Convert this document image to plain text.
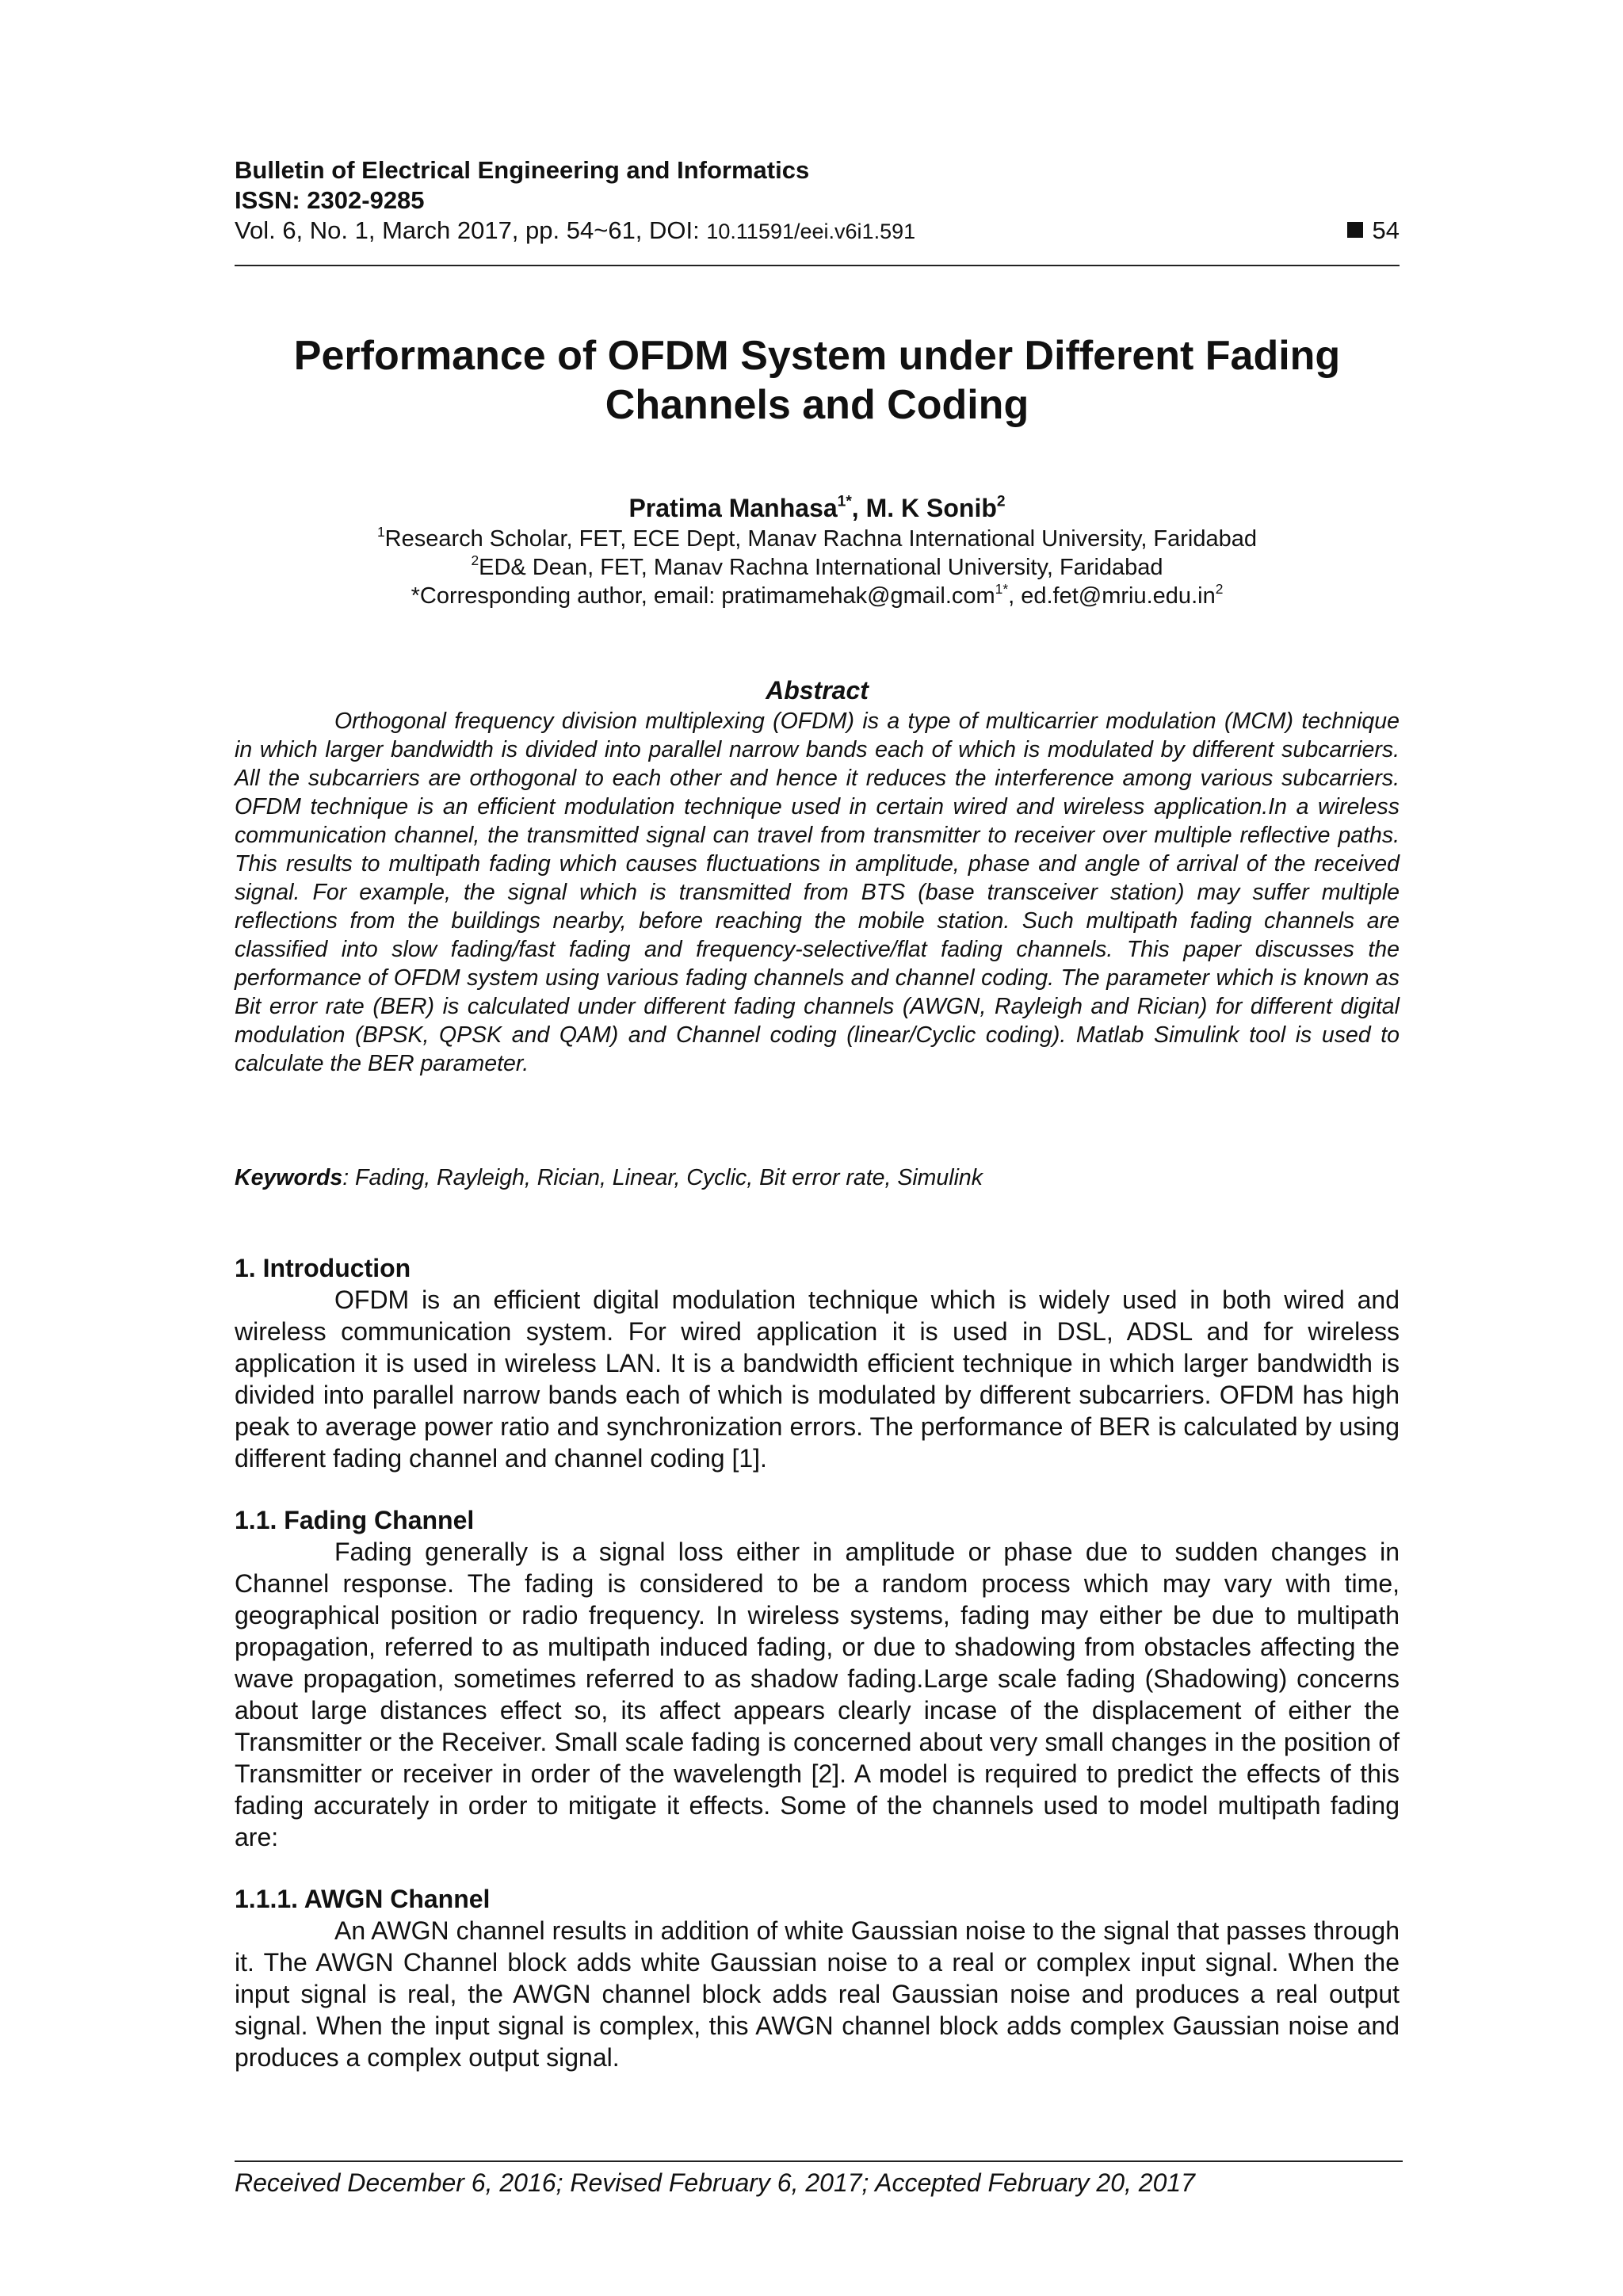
Bulletin of Electrical Engineering and Informatics
ISSN: 2302-9285
Vol. 6, No. 1, March 2017, pp. 54~61, DOI: 10.11591/eei.v6i1.591	54
Performance of OFDM System under Different Fading
Channels and Coding
Pratima Manhasa$^{1*}$, M. K Sonib$^2$
$^1$Research Scholar, FET, ECE Dept, Manav Rachna International University, Faridabad
$^2$ED& Dean, FET, Manav Rachna International University, Faridabad
*Corresponding author, email: pratimamehak@gmail.com$^{1*}$, $ed.fet@mriu.edu.in^2$
Abstract
Orthogonal frequency division multiplexing (OFDM) is a type of multicarrier modulation (MCM) technique in which larger bandwidth is divided into parallel narrow bands each of which is modulated by different subcarriers. All the subcarriers are orthogonal to each other and hence it reduces the interference among various subcarriers. OFDM technique is an efficient modulation technique used in certain wired and wireless application.In a wireless communication channel, the transmitted signal can travel from transmitter to receiver over multiple reflective paths. This results to multipath fading which causes fluctuations in amplitude, phase and angle of arrival of the received signal. For example, the signal which is transmitted from BTS (base transceiver station) may suffer multiple reflections from the buildings nearby, before reaching the mobile station. Such multipath fading channels are classified into slow fading/fast fading and frequency-selective/flat fading channels. This paper discusses the performance of OFDM system using various fading channels and channel coding. The parameter which is known as Bit error rate (BER) is calculated under different fading channels (AWGN, Rayleigh and Rician) for different digital modulation (BPSK, QPSK and QAM) and Channel coding (linear/Cyclic coding). Matlab Simulink tool is used to calculate the BER parameter.
Keywords: Fading, Rayleigh, Rician, Linear, Cyclic, Bit error rate, Simulink
1. Introduction
OFDM is an efficient digital modulation technique which is widely used in both wired and wireless communication system. For wired application it is used in DSL, ADSL and for wireless application it is used in wireless LAN. It is a bandwidth efficient technique in which larger bandwidth is divided into parallel narrow bands each of which is modulated by different subcarriers. OFDM has high peak to average power ratio and synchronization errors. The performance of BER is calculated by using different fading channel and channel coding [1].
1.1. Fading Channel
Fading generally is a signal loss either in amplitude or phase due to sudden changes in Channel response. The fading is considered to be a random process which may vary with time, geographical position or radio frequency. In wireless systems, fading may either be due to multipath propagation, referred to as multipath induced fading, or due to shadowing from obstacles affecting the wave propagation, sometimes referred to as shadow fading.Large scale fading (Shadowing) concerns about large distances effect so, its affect appears clearly incase of the displacement of either the Transmitter or the Receiver. Small scale fading is concerned about very small changes in the position of Transmitter or receiver in order of the wavelength [2]. A model is required to predict the effects of this fading accurately in order to mitigate it effects. Some of the channels used to model multipath fading are:
1.1.1. AWGN Channel
An AWGN channel results in addition of white Gaussian noise to the signal that passes through it. The AWGN Channel block adds white Gaussian noise to a real or complex input signal. When the input signal is real, the AWGN channel block adds real Gaussian noise and produces a real output signal. When the input signal is complex, this AWGN channel block adds complex Gaussian noise and produces a complex output signal.
Received December 6, 2016; Revised February 6, 2017; Accepted February 20, 2017
